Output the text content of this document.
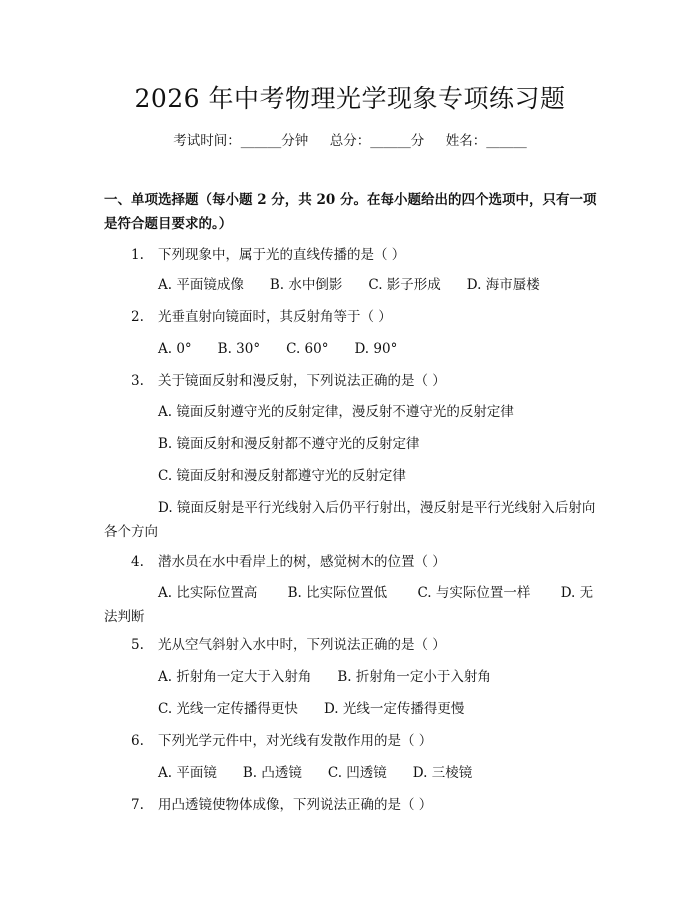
2026 年中考物理光学现象专项练习题
考试时间：______分钟     总分：______分     姓名：______
一、单项选择题（每小题 2 分，共 20 分。在每小题给出的四个选项中，只有一项是符合题目要求的。）
1. 下列现象中，属于光的直线传播的是（ ）
A. 平面镜成像 B. 水中倒影 C. 影子形成 D. 海市蜃楼
2. 光垂直射向镜面时，其反射角等于（ ）
A. 0° B. 30° C. 60° D. 90°
3. 关于镜面反射和漫反射，下列说法正确的是（ ）
A. 镜面反射遵守光的反射定律，漫反射不遵守光的反射定律
B. 镜面反射和漫反射都不遵守光的反射定律
C. 镜面反射和漫反射都遵守光的反射定律
D. 镜面反射是平行光线射入后仍平行射出，漫反射是平行光线射入后射向各个方向
4. 潜水员在水中看岸上的树，感觉树木的位置（ ）
A. 比实际位置高 B. 比实际位置低 C. 与实际位置一样 D. 无法判断
5. 光从空气斜射入水中时，下列说法正确的是（ ）
A. 折射角一定大于入射角 B. 折射角一定小于入射角
C. 光线一定传播得更快 D. 光线一定传播得更慢
6. 下列光学元件中，对光线有发散作用的是（ ）
A. 平面镜 B. 凸透镜 C. 凹透镜 D. 三棱镜
7. 用凸透镜使物体成像，下列说法正确的是（ ）
